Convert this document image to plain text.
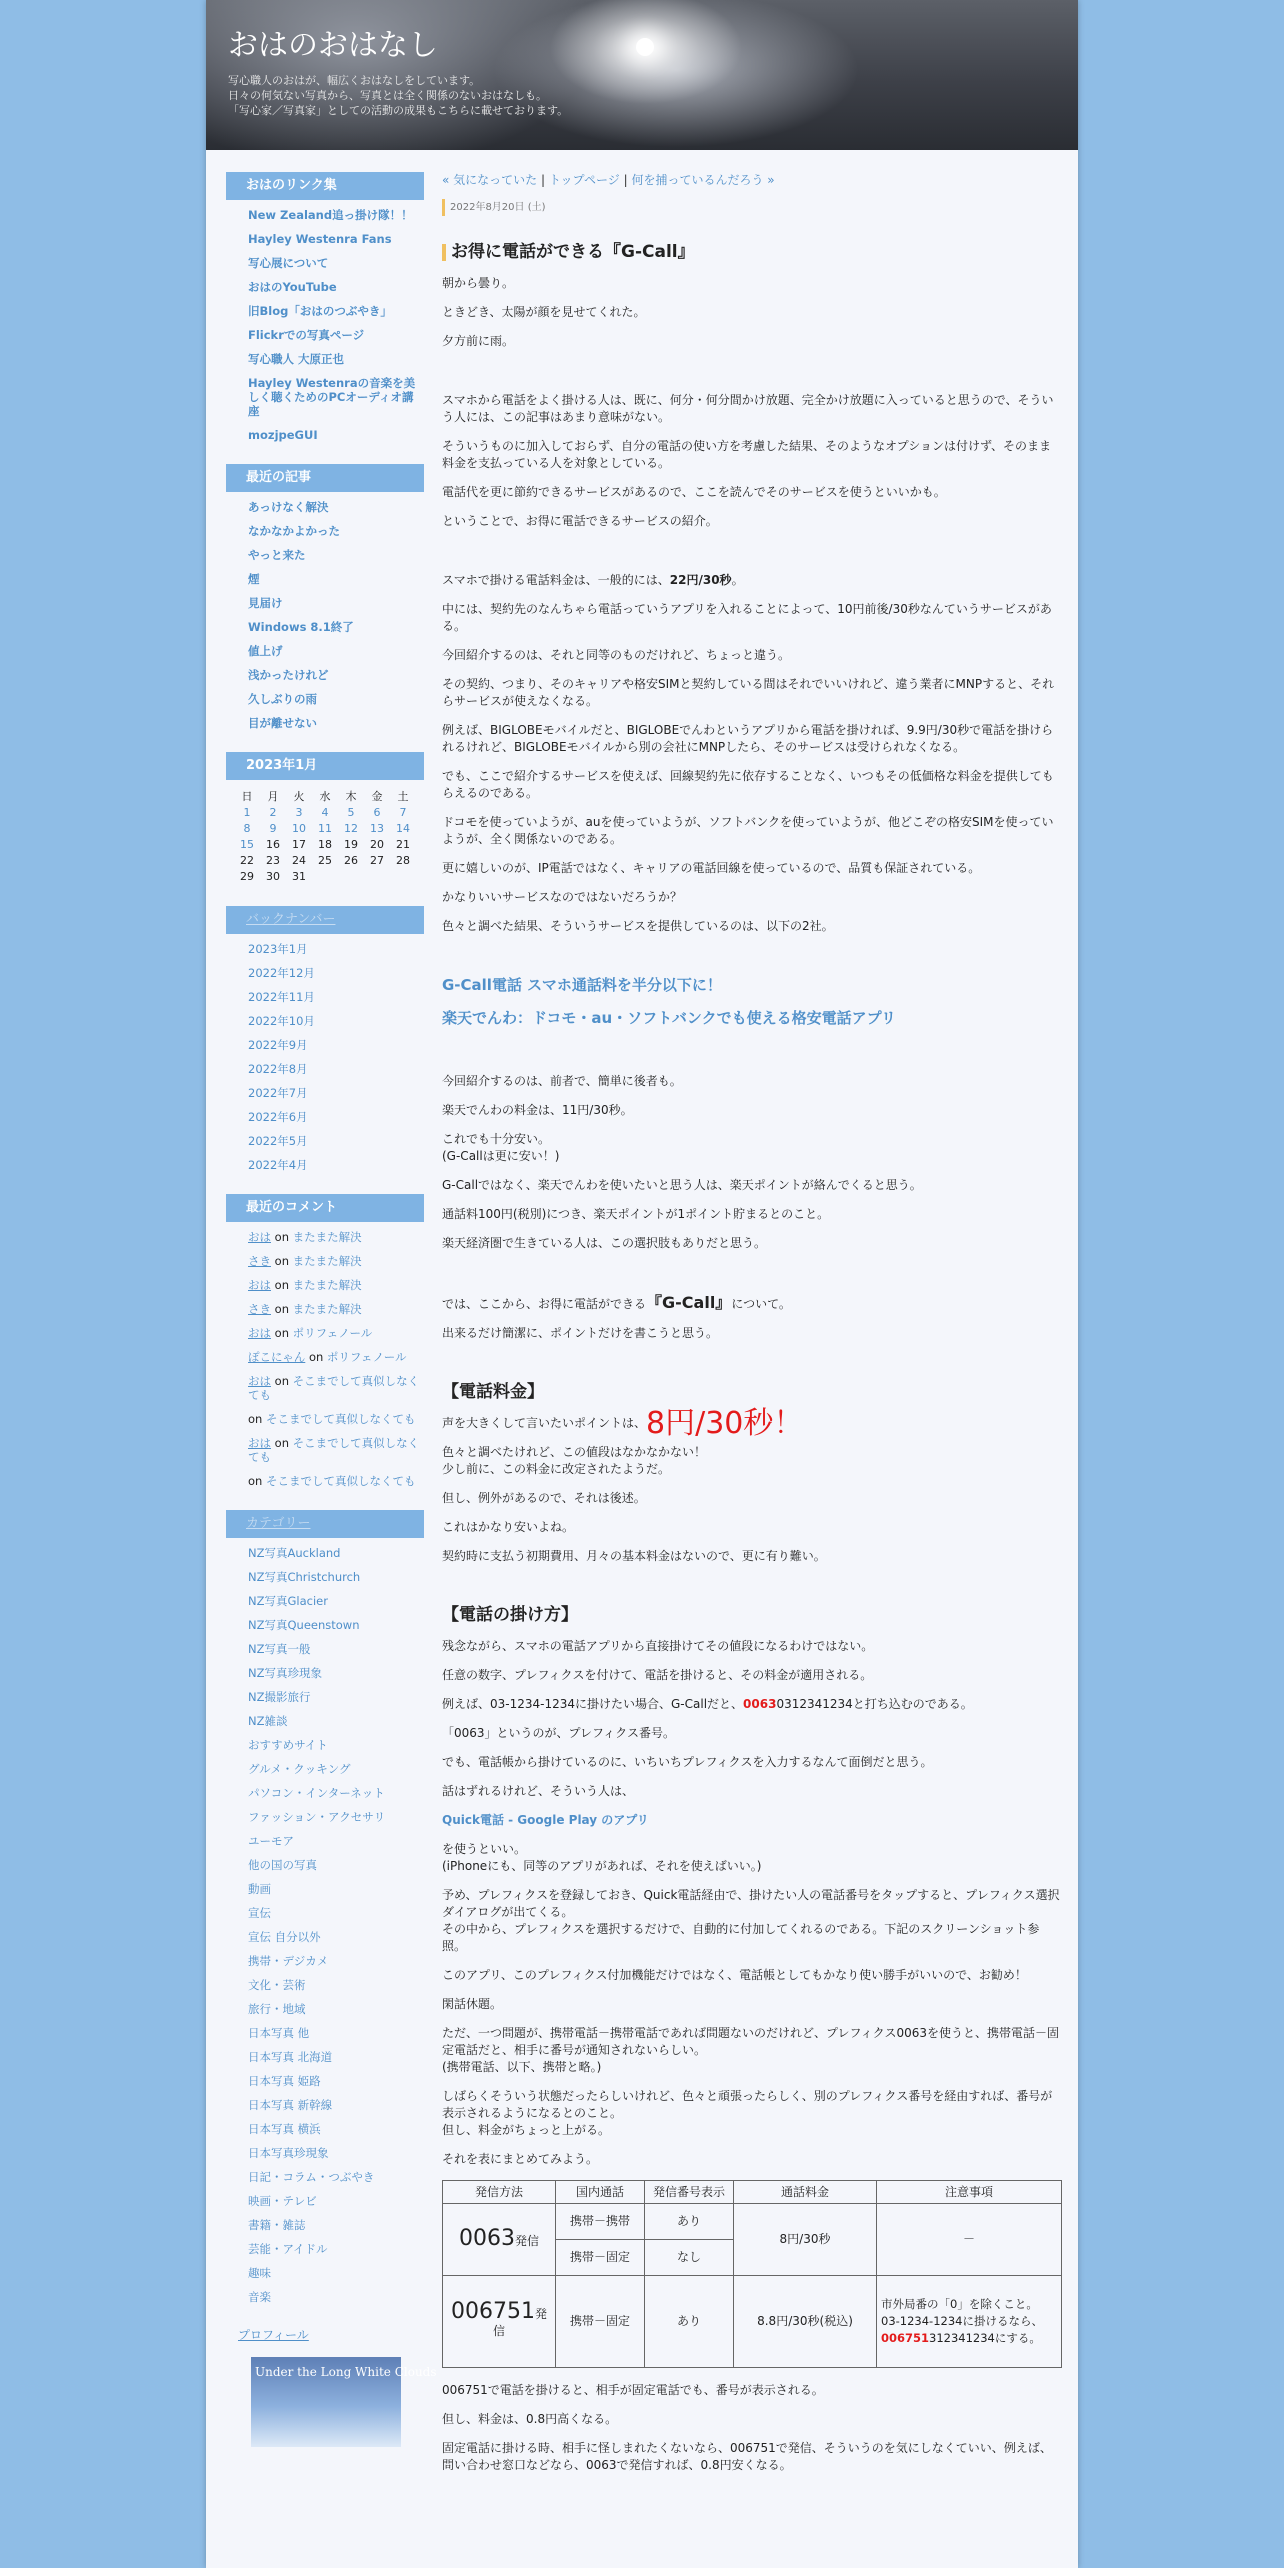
おはのおはなし
写心職人のおはが、幅広くおはなしをしています。
日々の何気ない写真から、写真とは全く関係のないおはなしも。
「写心家／写真家」としての活動の成果もこちらに載せております。
おはのリンク集
New Zealand追っ掛け隊！！
Hayley Westenra Fans
写心展について
おはのYouTube
旧Blog「おはのつぶやき」
Flickrでの写真ページ
写心職人 大原正也
Hayley Westenraの音楽を美しく聴くためのPCオーディオ講座
mozjpeGUI
最近の記事
あっけなく解決
なかなかよかった
やっと来た
煙
見届け
Windows 8.1終了
値上げ
浅かったけれど
久しぶりの雨
目が離せない
2023年1月
日	月	火	水	木	金	土
1	2	3	4	5	6	7
8	9	10	11	12	13	14
15	16	17	18	19	20	21
22	23	24	25	26	27	28
29	30	31				
バックナンバー
2023年1月
2022年12月
2022年11月
2022年10月
2022年9月
2022年8月
2022年7月
2022年6月
2022年5月
2022年4月
最近のコメント
おは on またまた解決
さき on またまた解決
おは on またまた解決
さき on またまた解決
おは on ポリフェノール
ぽこにゃん on ポリフェノール
おは on そこまでして真似しなくても
on そこまでして真似しなくても
おは on そこまでして真似しなくても
on そこまでして真似しなくても
カテゴリー
NZ写真Auckland
NZ写真Christchurch
NZ写真Glacier
NZ写真Queenstown
NZ写真一般
NZ写真珍現象
NZ撮影旅行
NZ雑談
おすすめサイト
グルメ・クッキング
パソコン・インターネット
ファッション・アクセサリ
ユーモア
他の国の写真
動画
宣伝
宣伝 自分以外
携帯・デジカメ
文化・芸術
旅行・地域
日本写真 他
日本写真 北海道
日本写真 姫路
日本写真 新幹線
日本写真 横浜
日本写真珍現象
日記・コラム・つぶやき
映画・テレビ
書籍・雑誌
芸能・アイドル
趣味
音楽
プロフィール
Under the Long White Clouds
« 気になっていた | トップページ | 何を捕っているんだろう »
2022年8月20日 (土)
お得に電話ができる『G-Call』

朝から曇り。

ときどき、太陽が顔を見せてくれた。

夕方前に雨。

スマホから電話をよく掛ける人は、既に、何分・何分間かけ放題、完全かけ放題に入っていると思うので、そういう人には、この記事はあまり意味がない。

そういうものに加入しておらず、自分の電話の使い方を考慮した結果、そのようなオプションは付けず、そのまま料金を支払っている人を対象としている。

電話代を更に節約できるサービスがあるので、ここを読んでそのサービスを使うといいかも。

ということで、お得に電話できるサービスの紹介。

スマホで掛ける電話料金は、一般的には、22円/30秒。

中には、契約先のなんちゃら電話っていうアプリを入れることによって、10円前後/30秒なんていうサービスがある。

今回紹介するのは、それと同等のものだけれど、ちょっと違う。

その契約、つまり、そのキャリアや格安SIMと契約している間はそれでいいけれど、違う業者にMNPすると、それらサービスが使えなくなる。

例えば、BIGLOBEモバイルだと、BIGLOBEでんわというアプリから電話を掛ければ、9.9円/30秒で電話を掛けられるけれど、BIGLOBEモバイルから別の会社にMNPしたら、そのサービスは受けられなくなる。

でも、ここで紹介するサービスを使えば、回線契約先に依存することなく、いつもその低価格な料金を提供してもらえるのである。

ドコモを使っていようが、auを使っていようが、ソフトバンクを使っていようが、他どこぞの格安SIMを使っていようが、全く関係ないのである。

更に嬉しいのが、IP電話ではなく、キャリアの電話回線を使っているので、品質も保証されている。

かなりいいサービスなのではないだろうか？

色々と調べた結果、そういうサービスを提供しているのは、以下の2社。

G-Call電話 スマホ通話料を半分以下に！
楽天でんわ：ドコモ・au・ソフトバンクでも使える格安電話アプリ

今回紹介するのは、前者で、簡単に後者も。

楽天でんわの料金は、11円/30秒。

これでも十分安い。
(G-Callは更に安い！)

G-Callではなく、楽天でんわを使いたいと思う人は、楽天ポイントが絡んでくると思う。

通話料100円(税別)につき、楽天ポイントが1ポイント貯まるとのこと。

楽天経済圏で生きている人は、この選択肢もありだと思う。

では、ここから、お得に電話ができる『G-Call』について。

出来るだけ簡潔に、ポイントだけを書こうと思う。

【電話料金】

声を大きくして言いたいポイントは、8円/30秒！

色々と調べたけれど、この値段はなかなかない！
少し前に、この料金に改定されたようだ。

但し、例外があるので、それは後述。

これはかなり安いよね。

契約時に支払う初期費用、月々の基本料金はないので、更に有り難い。

【電話の掛け方】

残念ながら、スマホの電話アプリから直接掛けてその値段になるわけではない。

任意の数字、プレフィクスを付けて、電話を掛けると、その料金が適用される。

例えば、03-1234-1234に掛けたい場合、G-Callだと、00630312341234と打ち込むのである。

「0063」というのが、プレフィクス番号。

でも、電話帳から掛けているのに、いちいちプレフィクスを入力するなんて面倒だと思う。

話はずれるけれど、そういう人は、

Quick電話 - Google Play のアプリ

を使うといい。
(iPhoneにも、同等のアプリがあれば、それを使えばいい。)

予め、プレフィクスを登録しておき、Quick電話経由で、掛けたい人の電話番号をタップすると、プレフィクス選択ダイアログが出てくる。
その中から、プレフィクスを選択するだけで、自動的に付加してくれるのである。下記のスクリーンショット参照。

このアプリ、このプレフィクス付加機能だけではなく、電話帳としてもかなり使い勝手がいいので、お勧め！

閑話休題。

ただ、一つ問題が、携帯電話－携帯電話であれば問題ないのだけれど、プレフィクス0063を使うと、携帯電話－固定電話だと、相手に番号が通知されないらしい。
(携帯電話、以下、携帯と略。)

しばらくそういう状態だったらしいけれど、色々と頑張ったらしく、別のプレフィクス番号を経由すれば、番号が表示されるようになるとのこと。
但し、料金がちょっと上がる。

それを表にまとめてみよう。

発信方法	国内通話	発信番号表示	通話料金	注意事項
0063発信	携帯－携帯	あり	8円/30秒	－
	携帯－固定	なし		
006751発信	携帯－固定	あり	8.8円/30秒(税込)	市外局番の「0」を除くこと。
03-1234-1234に掛けるなら、
006751312341234にする。

006751で電話を掛けると、相手が固定電話でも、番号が表示される。

但し、料金は、0.8円高くなる。

固定電話に掛ける時、相手に怪しまれたくないなら、006751で発信、そういうのを気にしなくていい、例えば、問い合わせ窓口などなら、0063で発信すれば、0.8円安くなる。
